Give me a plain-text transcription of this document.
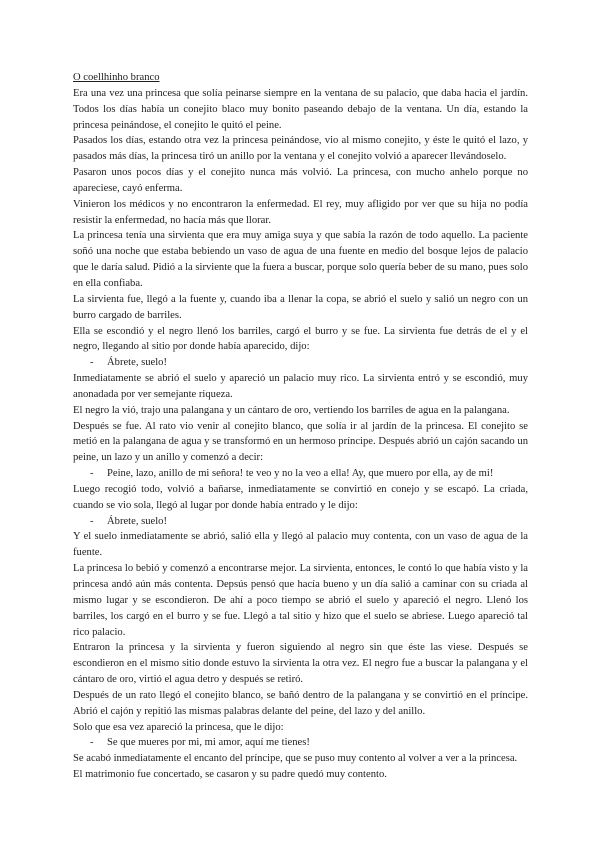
O coellhinho branco

Era una vez una princesa que solía peinarse siempre en la ventana de su palacio, que daba hacia el jardín. Todos los días había un conejito blaco muy bonito paseando debajo de la ventana. Un día, estando la princesa peinándose, el conejito le quitó el peine.

Pasados los días, estando otra vez la princesa peinándose, vio al mismo conejito, y éste le quitó el lazo, y pasados más días, la princesa tiró un anillo por la ventana y el conejito volvió a aparecer llevándoselo.

Pasaron unos pocos días y el conejito nunca más volvió. La princesa, con mucho anhelo porque no apareciese, cayó enferma.

Vinieron los médicos y no encontraron la enfermedad. El rey, muy afligido por ver que su hija no podía resistir la enfermedad, no hacía más que llorar.

La princesa tenía una sirvienta que era muy amiga suya y que sabía la razón de todo aquello. La paciente soñó una noche que estaba bebiendo un vaso de agua de una fuente en medio del bosque lejos de palacio que le daría salud. Pidió a la sirviente que la fuera a buscar, porque solo quería beber de su mano, pues solo en ella confiaba.

La sirvienta fue, llegó a la fuente y, cuando iba a llenar la copa, se abrió el suelo y salió un negro con un burro cargado de barriles.

Ella se escondió y el negro llenó los barriles, cargó el burro y se fue. La sirvienta fue detrás de el y el negro, llegando al sitio por donde había aparecido, dijo:

-	Ábrete, suelo!

Inmediatamente se abrió el suelo y apareció un palacio muy rico. La sirvienta entró y se escondió, muy anonadada por ver semejante riqueza.

El negro la vió, trajo una palangana y un cántaro de oro, vertiendo los barriles de agua en la palangana.

Después se fue. Al rato vio venir al conejito blanco, que solía ir al jardín de la princesa. El conejito se metió en la palangana de agua y se transformó en un hermoso príncipe. Después abrió un cajón sacando un peine, un lazo y un anillo y comenzó a decir:

-	Peine, lazo, anillo de mi señora! te veo y no la veo a ella! Ay, que muero por ella, ay de mi!

Luego recogió todo, volvió a bañarse, inmediatamente se convirtió en conejo y se escapó. La criada, cuando se vio sola, llegó al lugar por donde había entrado y le dijo:

-	Ábrete, suelo!

Y el suelo inmediatamente se abrió, salió ella y llegó al palacio muy contenta, con un vaso de agua de la fuente.

La princesa lo bebió y comenzó a encontrarse mejor. La sirvienta, entonces, le contó lo que había visto y la princesa andó aún más contenta. Depsús pensó que hacía bueno y un día salió a caminar con su criada al mismo lugar y se escondieron. De ahí a poco tiempo se abrió el suelo y apareció el negro. Llenó los barriles, los cargó en el burro y se fue. Llegó a tal sitio y hizo que el suelo se abriese. Luego apareció tal rico palacio.

Entraron la princesa y la sirvienta y fueron siguiendo al negro sin que éste las viese. Después se escondieron en el mismo sitio donde estuvo la sirvienta la otra vez. El negro fue a buscar la palangana y el cántaro de oro, virtió el agua detro y después se retiró.

Después de un rato llegó el conejito blanco, se bañó dentro de la palangana y se convirtió en el príncipe. Abrió el cajón y repitió las mismas palabras delante del peine, del lazo y del anillo.

Solo que esa vez apareció la princesa, que le dijo:

-	Se que mueres por mi, mi amor, aquí me tienes!

Se acabó inmediatamente el encanto del príncipe, que se puso muy contento al volver a ver a la princesa.

El matrimonio fue concertado, se casaron y su padre quedó muy contento.
